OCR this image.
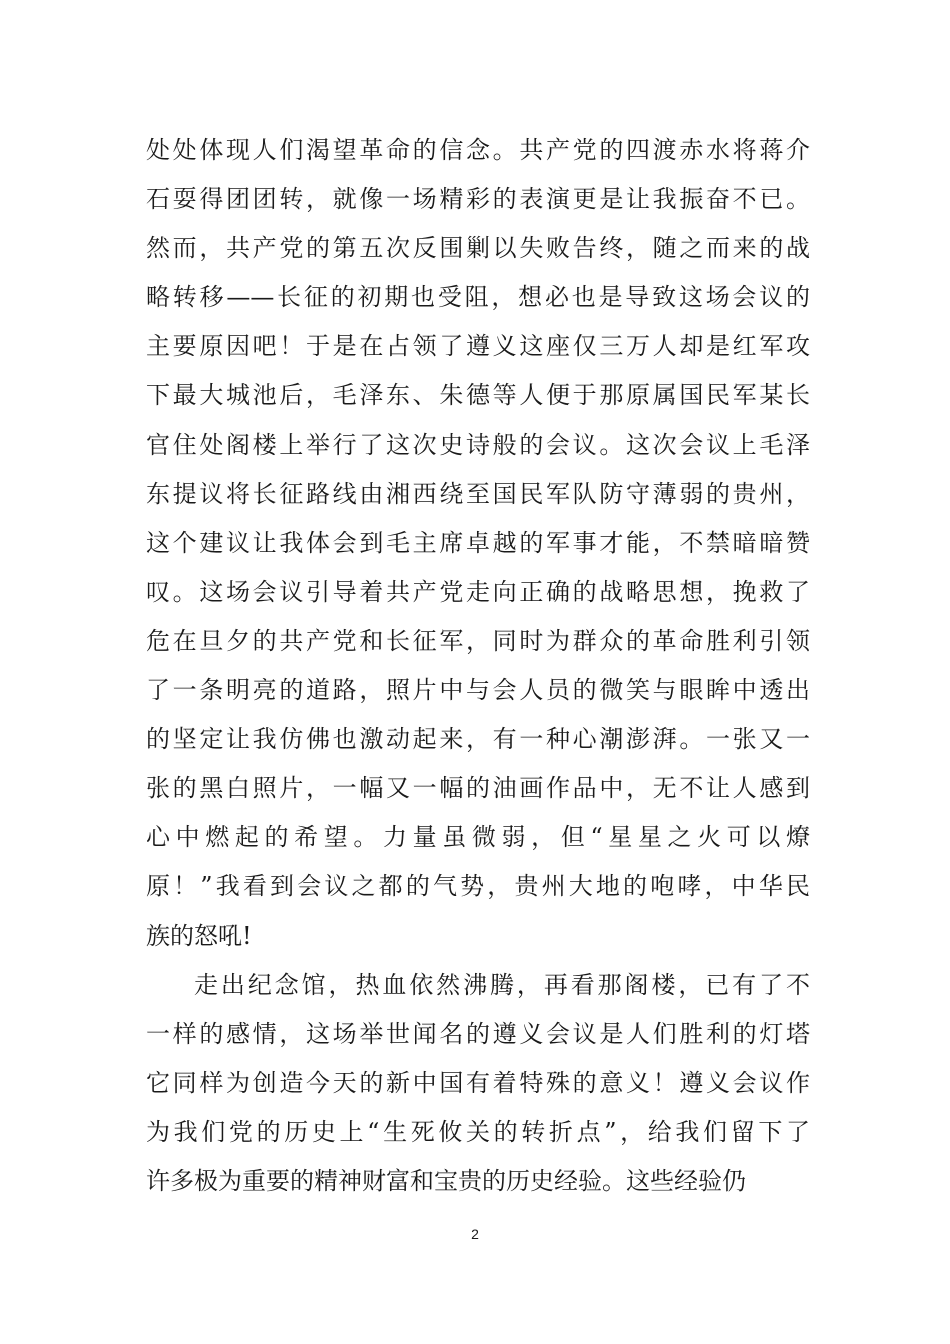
处处体现人们渴望革命的信念。共产党的四渡赤水将蒋介
石耍得团团转，就像一场精彩的表演更是让我振奋不已。
然而，共产党的第五次反围剿以失败告终，随之而来的战
略转移——长征的初期也受阻，想必也是导致这场会议的
主要原因吧！于是在占领了遵义这座仅三万人却是红军攻
下最大城池后，毛泽东、朱德等人便于那原属国民军某长
官住处阁楼上举行了这次史诗般的会议。这次会议上毛泽
东提议将长征路线由湘西绕至国民军队防守薄弱的贵州，
这个建议让我体会到毛主席卓越的军事才能，不禁暗暗赞
叹。这场会议引导着共产党走向正确的战略思想，挽救了
危在旦夕的共产党和长征军，同时为群众的革命胜利引领
了一条明亮的道路，照片中与会人员的微笑与眼眸中透出
的坚定让我仿佛也激动起来，有一种心潮澎湃。一张又一
张的黑白照片，一幅又一幅的油画作品中，无不让人感到
心中燃起的希望。力量虽微弱，但“星星之火可以燎
原！”我看到会议之都的气势，贵州大地的咆哮，中华民
族的怒吼!
走出纪念馆，热血依然沸腾，再看那阁楼，已有了不
一样的感情，这场举世闻名的遵义会议是人们胜利的灯塔
它同样为创造今天的新中国有着特殊的意义！遵义会议作
为我们党的历史上“生死攸关的转折点”，给我们留下了
许多极为重要的精神财富和宝贵的历史经验。这些经验仍
2
